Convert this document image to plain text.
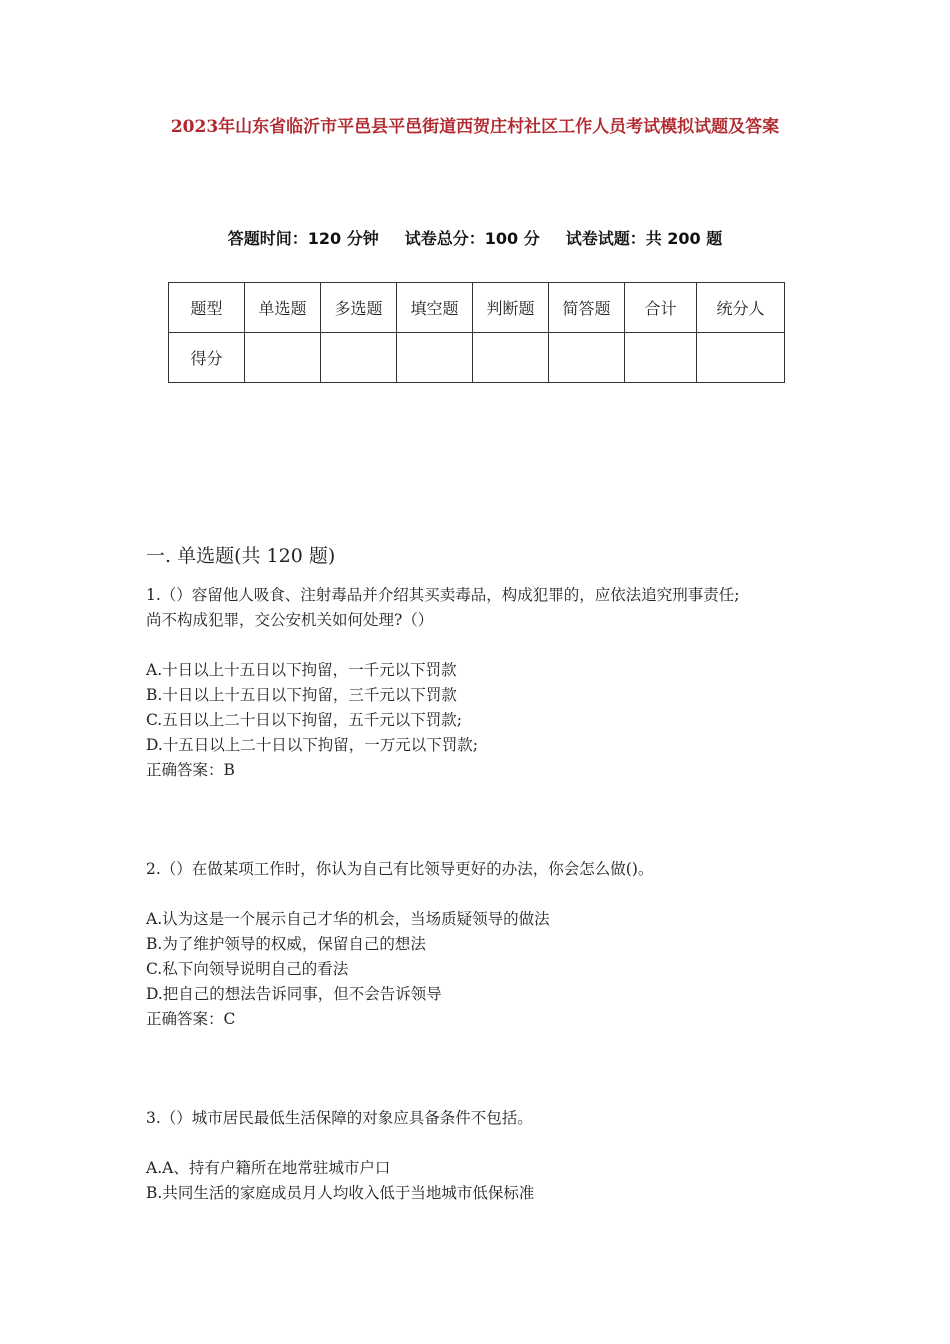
2023年山东省临沂市平邑县平邑街道西贺庄村社区工作人员考试模拟试题及答案
答题时间：120 分钟 试卷总分：100 分 试卷试题：共 200 题
题型	单选题	多选题	填空题	判断题	简答题	合计	统分人
得分							
一. 单选题(共 120 题)

1.（）容留他人吸食、注射毒品并介绍其买卖毒品，构成犯罪的，应依法追究刑事责任;

尚不构成犯罪，交公安机关如何处理?（）

A.十日以上十五日以下拘留，一千元以下罚款

B.十日以上十五日以下拘留，三千元以下罚款

C.五日以上二十日以下拘留，五千元以下罚款;

D.十五日以上二十日以下拘留，一万元以下罚款;

正确答案：B

2.（）在做某项工作时，你认为自己有比领导更好的办法，你会怎么做()。

A.认为这是一个展示自己才华的机会，当场质疑领导的做法

B.为了维护领导的权威，保留自己的想法

C.私下向领导说明自己的看法

D.把自己的想法告诉同事，但不会告诉领导

正确答案：C

3.（）城市居民最低生活保障的对象应具备条件不包括。

A.A、持有户籍所在地常驻城市户口

B.共同生活的家庭成员月人均收入低于当地城市低保标准
